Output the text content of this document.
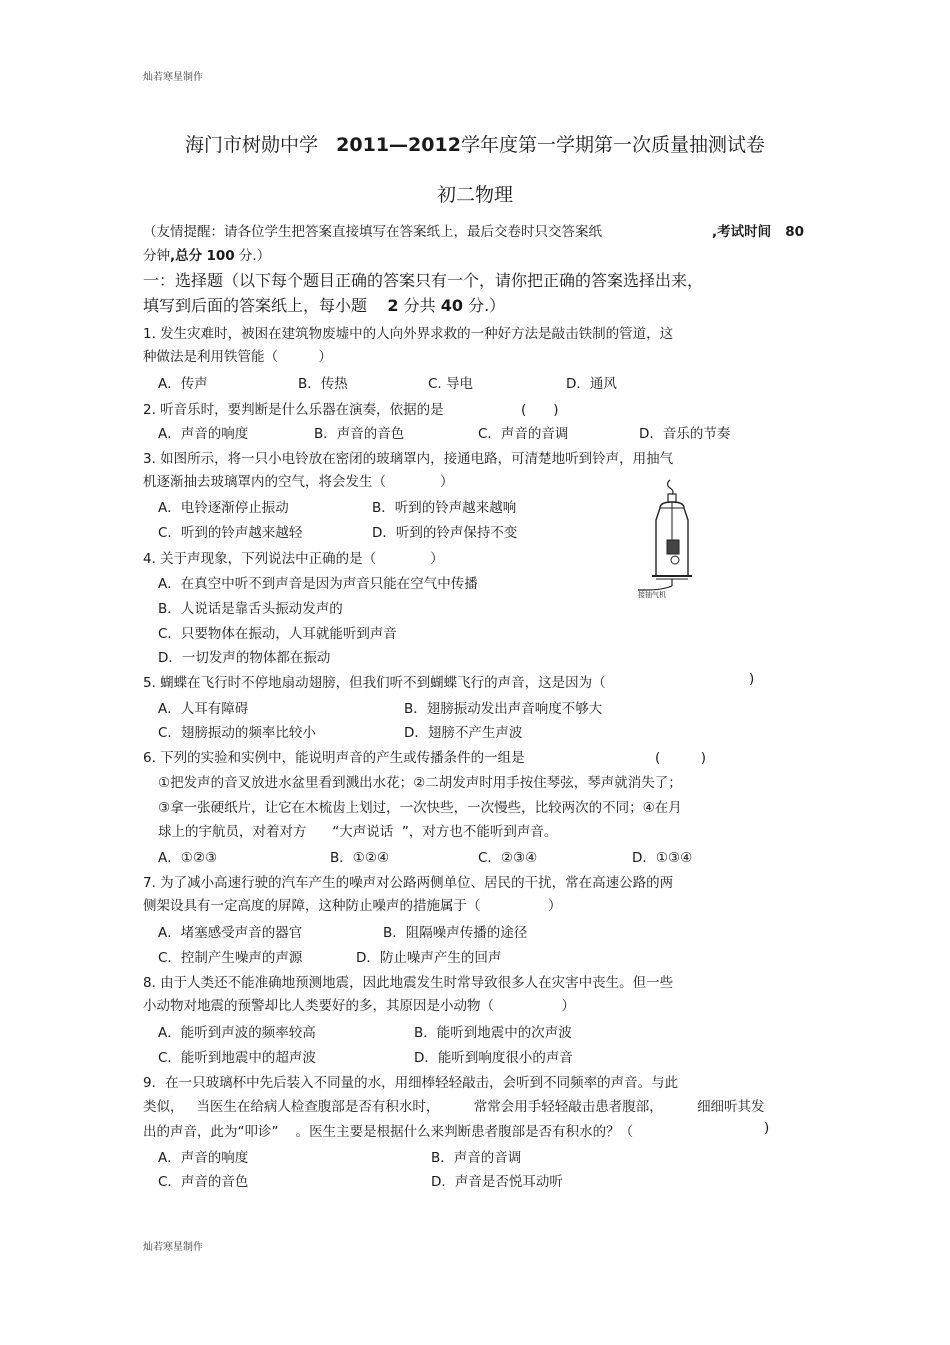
灿若寒星制作
灿若寒星制作
海门市树勋中学 2011—2012学年度第一学期第一次质量抽测试卷
初二物理
（友情提醒：请各位学生把答案直接填写在答案纸上，最后交卷时只交答案纸	,考试时间 80
分钟,总分 100 分.）
一：选择题（以下每个题目正确的答案只有一个，请你把正确的答案选择出来，
填写到后面的答案纸上，每小题 2 分共 40 分.）
1. 发生灾难时，被困在建筑物废墟中的人向外界求救的一种好方法是敲击铁制的管道，这
种做法是利用铁管能（　　　）
A．传声	B．传热	C. 导电	D．通风
2. 听音乐时，要判断是什么乐器在演奏，依据的是	(　　)
A．声音的响度	B．声音的音色	C．声音的音调	D．音乐的节奏
3. 如图所示，将一只小电铃放在密闭的玻璃罩内，接通电路，可清楚地听到铃声，用抽气
机逐渐抽去玻璃罩内的空气，将会发生（　　　　）
A．电铃逐渐停止振动	B．听到的铃声越来越响
C．听到的铃声越来越轻	D．听到的铃声保持不变
接抽气机
4. 关于声现象，下列说法中正确的是（　　　　）
A．在真空中听不到声音是因为声音只能在空气中传播
B．人说话是靠舌头振动发声的
C．只要物体在振动，人耳就能听到声音
D．一切发声的物体都在振动
5. 蝴蝶在飞行时不停地扇动翅膀，但我们听不到蝴蝶飞行的声音，这是因为（	)
A．人耳有障碍	B．翅膀振动发出声音响度不够大
C．翅膀振动的频率比较小	D．翅膀不产生声波
6. 下列的实验和实例中，能说明声音的产生或传播条件的一组是	(　　　)
①把发声的音叉放进水盆里看到溅出水花；②二胡发声时用手按住琴弦，琴声就消失了；
③拿一张硬纸片，让它在木梳齿上划过，一次快些，一次慢些，比较两次的不同；④在月
球上的宇航员，对着对方 “大声说话 ”，对方也不能听到声音。
A．①②③	B．①②④	C．②③④	D．①③④
7. 为了减小高速行驶的汽车产生的噪声对公路两侧单位、居民的干扰，常在高速公路的两
侧架设具有一定高度的屏障，这种防止噪声的措施属于（　　　　　）
A．堵塞感受声音的器官	B．阻隔噪声传播的途径
C．控制产生噪声的声源	D．防止噪声产生的回声
8. 由于人类还不能准确地预测地震，因此地震发生时常导致很多人在灾害中丧生。但一些
小动物对地震的预警却比人类要好的多，其原因是小动物（　　　　　）
A．能听到声波的频率较高	B．能听到地震中的次声波
C．能听到地震中的超声波	D．能听到响度很小的声音
9．在一只玻璃杯中先后装入不同量的水，用细棒轻轻敲击，会听到不同频率的声音。与此
类似， 当医生在给病人检查腹部是否有积水时，	常常会用手轻轻敲击患者腹部，	细细听其发
出的声音，此为“叩诊” 。医生主要是根据什么来判断患者腹部是否有积水的？（	)
A．声音的响度	B．声音的音调
C．声音的音色	D．声音是否悦耳动听
